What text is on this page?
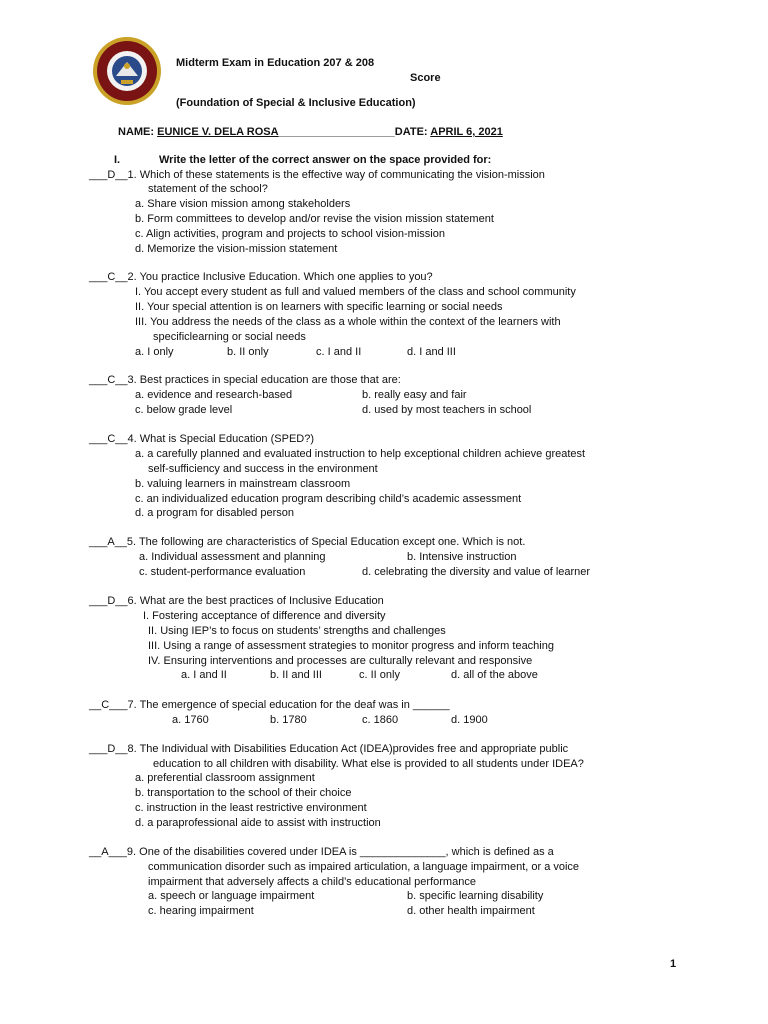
Midterm Exam in Education 207 & 208
Score
(Foundation of Special & Inclusive Education)
NAME: EUNICE V. DELA ROSA___________________DATE: APRIL 6, 2021
I.	Write the letter of the correct answer on the space provided for:
___D__1. Which of these statements is the effective way of communicating the vision-mission
statement of the school?
a. Share vision mission among stakeholders
b. Form committees to develop and/or revise the vision mission statement
c. Align activities, program and projects to school vision-mission
d. Memorize the vision-mission statement
___C__2. You practice Inclusive Education. Which one applies to you?
I. You accept every student as full and valued members of the class and school community
II. Your special attention is on learners with specific learning or social needs
III. You address the needs of the class as a whole within the context of the learners with
specificlearning or social needs
a. I only	b. II only	c. I and II	d. I and III
___C__3. Best practices in special education are those that are:
a. evidence and research-based	b. really easy and fair
c. below grade level	d. used by most teachers in school
___C__4. What is Special Education (SPED?)
a. a carefully planned and evaluated instruction to help exceptional children achieve greatest
self-sufficiency and success in the environment
b. valuing learners in mainstream classroom
c. an individualized education program describing child’s academic assessment
d. a program for disabled person
___A__5. The following are characteristics of Special Education except one. Which is not.
a. Individual assessment and planning	b. Intensive instruction
c. student-performance evaluation	d. celebrating the diversity and value of learner
___D__6. What are the best practices of Inclusive Education
I. Fostering acceptance of difference and diversity
II. Using IEP’s to focus on students’ strengths and challenges
III. Using a range of assessment strategies to monitor progress and inform teaching
IV. Ensuring interventions and processes are culturally relevant and responsive
a. I and II	b. II and III	c. II only	d. all of the above
__C___7. The emergence of special education for the deaf was in ______
a. 1760	b. 1780	c. 1860	d. 1900
___D__8. The Individual with Disabilities Education Act (IDEA)provides free and appropriate public
education to all children with disability. What else is provided to all students under IDEA?
a. preferential classroom assignment
b. transportation to the school of their choice
c. instruction in the least restrictive environment
d. a paraprofessional aide to assist with instruction
__A___9. One of the disabilities covered under IDEA is ______________, which is defined as a
communication disorder such as impaired articulation, a language impairment, or a voice
impairment that adversely affects a child’s educational performance
a. speech or language impairment	b. specific learning disability
c. hearing impairment	d. other health impairment
1
